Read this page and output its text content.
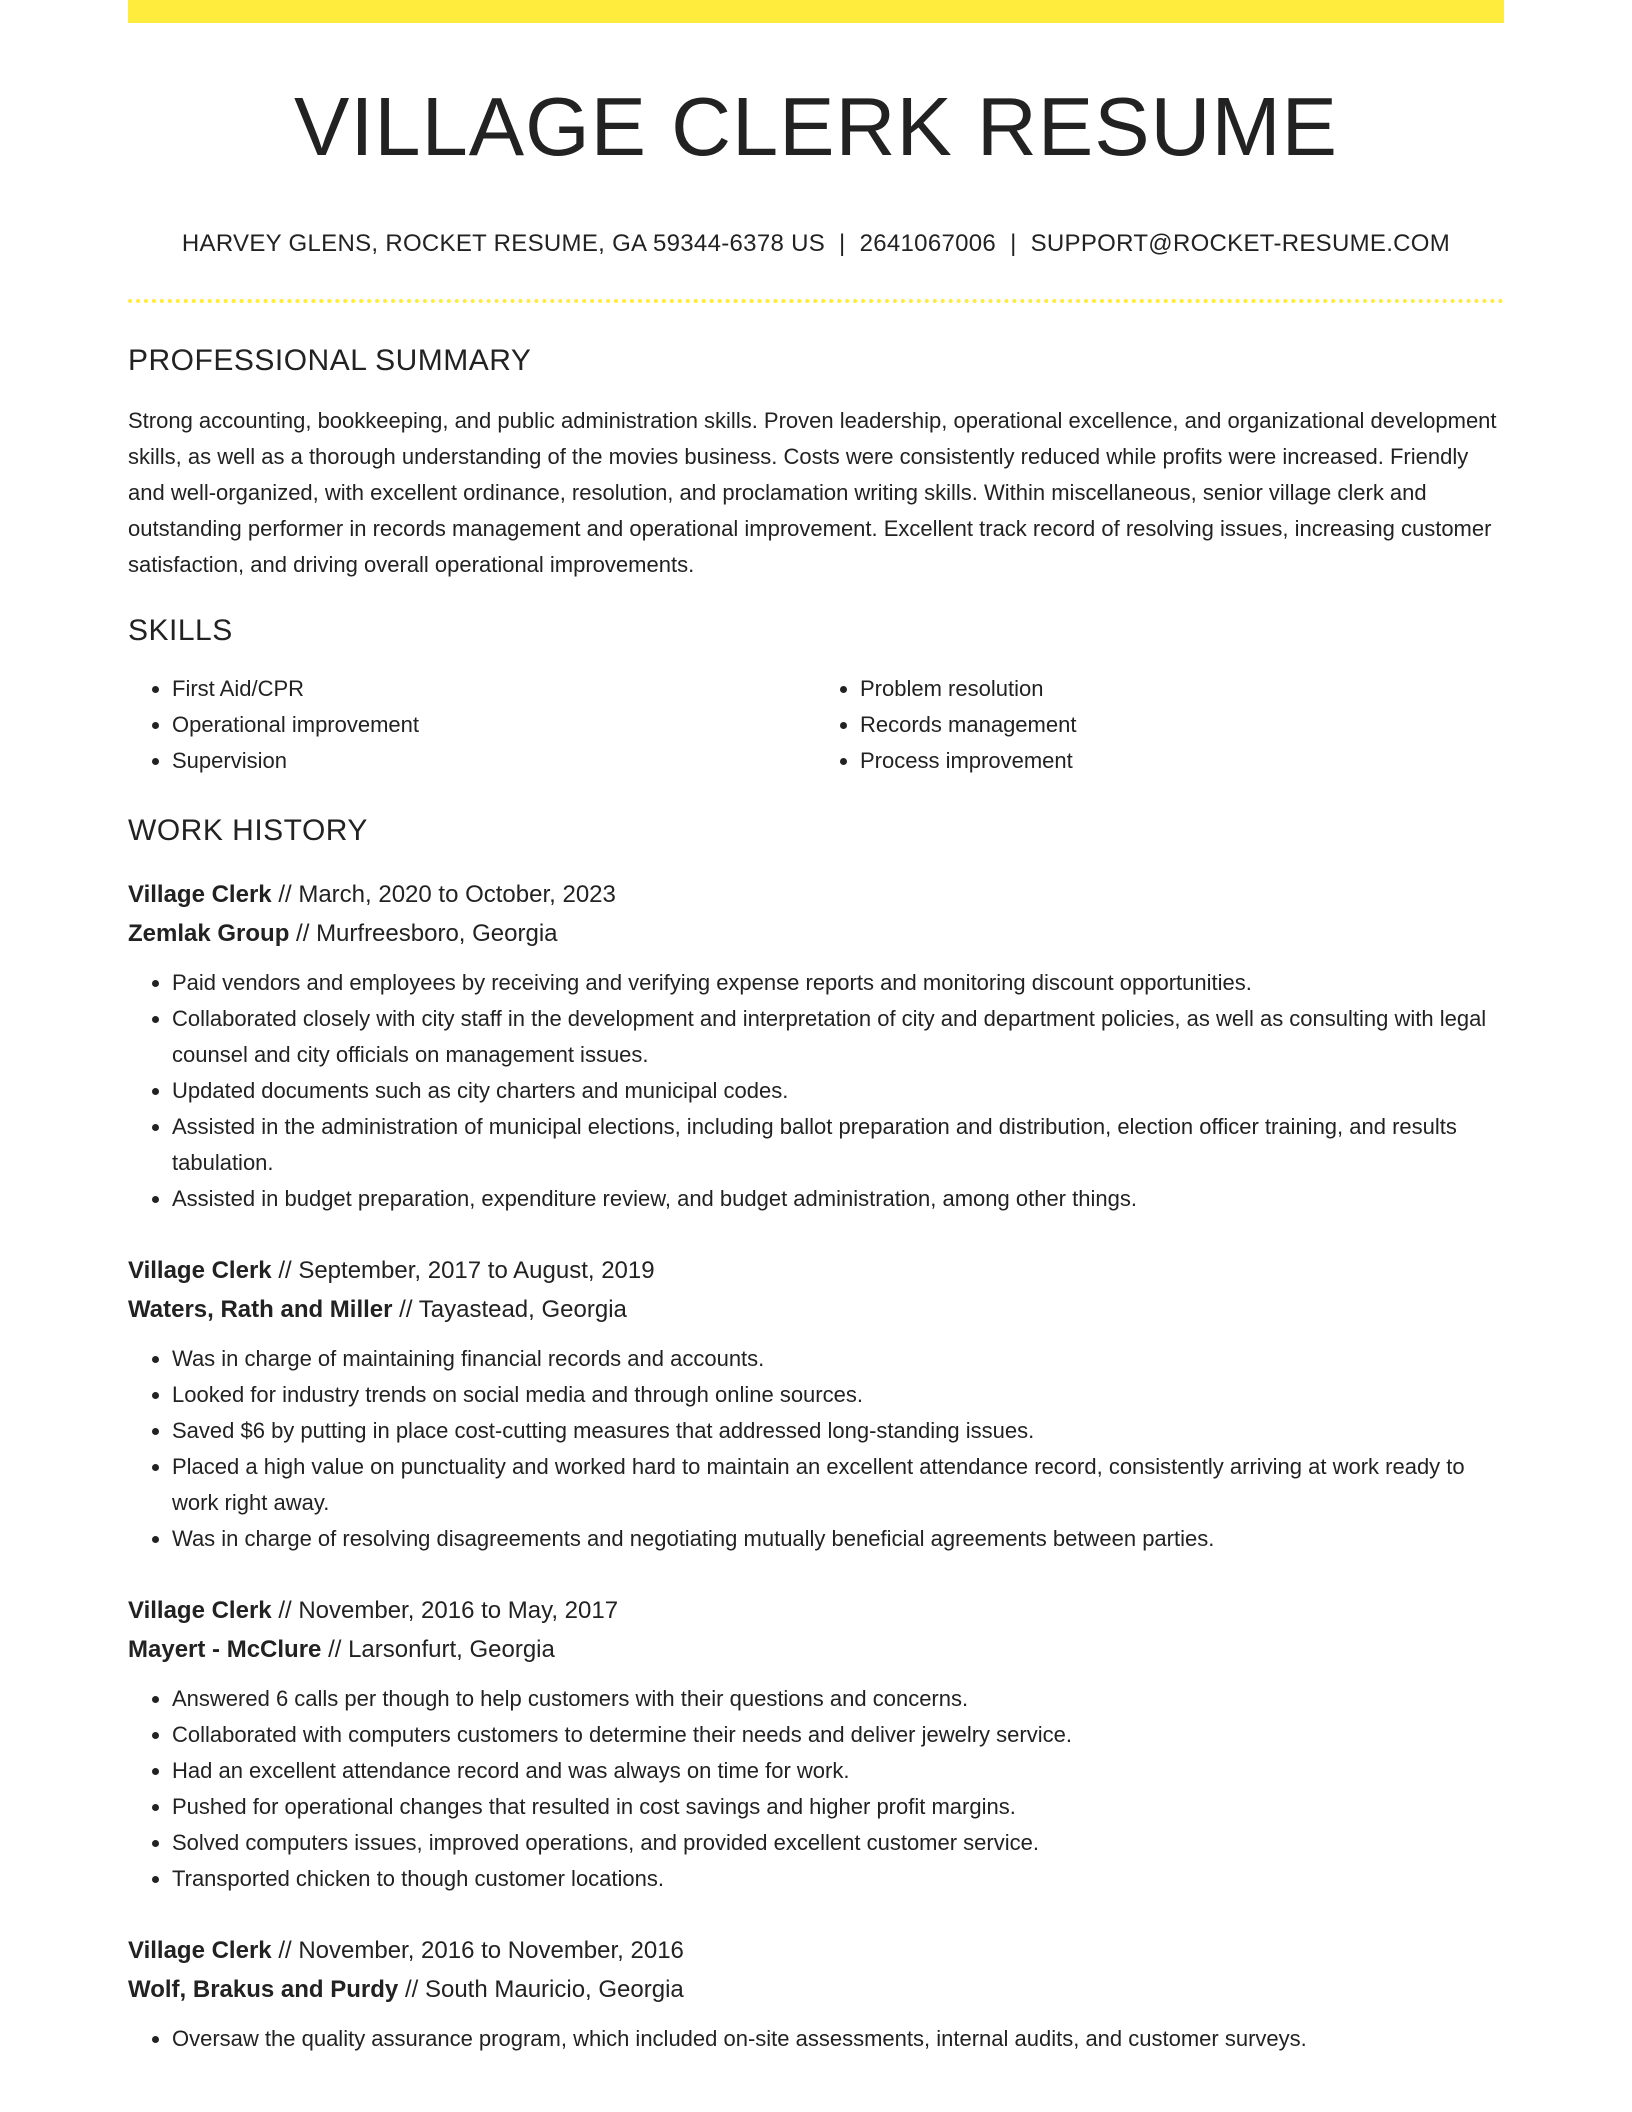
VILLAGE CLERK RESUME
HARVEY GLENS, ROCKET RESUME, GA 59344-6378 US | 2641067006 | SUPPORT@ROCKET-RESUME.COM
PROFESSIONAL SUMMARY

Strong accounting, bookkeeping, and public administration skills. Proven leadership, operational excellence, and organizational development skills, as well as a thorough understanding of the movies business. Costs were consistently reduced while profits were increased. Friendly and well-organized, with excellent ordinance, resolution, and proclamation writing skills. Within miscellaneous, senior village clerk and outstanding performer in records management and operational improvement. Excellent track record of resolving issues, increasing customer satisfaction, and driving overall operational improvements.

SKILLS
• First Aid/CPR
• Operational improvement
• Supervision
• Problem resolution
• Records management
• Process improvement
WORK HISTORY
Village Clerk // March, 2020 to October, 2023
Zemlak Group // Murfreesboro, Georgia
• Paid vendors and employees by receiving and verifying expense reports and monitoring discount opportunities.
• Collaborated closely with city staff in the development and interpretation of city and department policies, as well as consulting with legal counsel and city officials on management issues.
• Updated documents such as city charters and municipal codes.
• Assisted in the administration of municipal elections, including ballot preparation and distribution, election officer training, and results tabulation.
• Assisted in budget preparation, expenditure review, and budget administration, among other things.
Village Clerk // September, 2017 to August, 2019
Waters, Rath and Miller // Tayastead, Georgia
• Was in charge of maintaining financial records and accounts.
• Looked for industry trends on social media and through online sources.
• Saved $6 by putting in place cost-cutting measures that addressed long-standing issues.
• Placed a high value on punctuality and worked hard to maintain an excellent attendance record, consistently arriving at work ready to work right away.
• Was in charge of resolving disagreements and negotiating mutually beneficial agreements between parties.
Village Clerk // November, 2016 to May, 2017
Mayert - McClure // Larsonfurt, Georgia
• Answered 6 calls per though to help customers with their questions and concerns.
• Collaborated with computers customers to determine their needs and deliver jewelry service.
• Had an excellent attendance record and was always on time for work.
• Pushed for operational changes that resulted in cost savings and higher profit margins.
• Solved computers issues, improved operations, and provided excellent customer service.
• Transported chicken to though customer locations.
Village Clerk // November, 2016 to November, 2016
Wolf, Brakus and Purdy // South Mauricio, Georgia
• Oversaw the quality assurance program, which included on-site assessments, internal audits, and customer surveys.
